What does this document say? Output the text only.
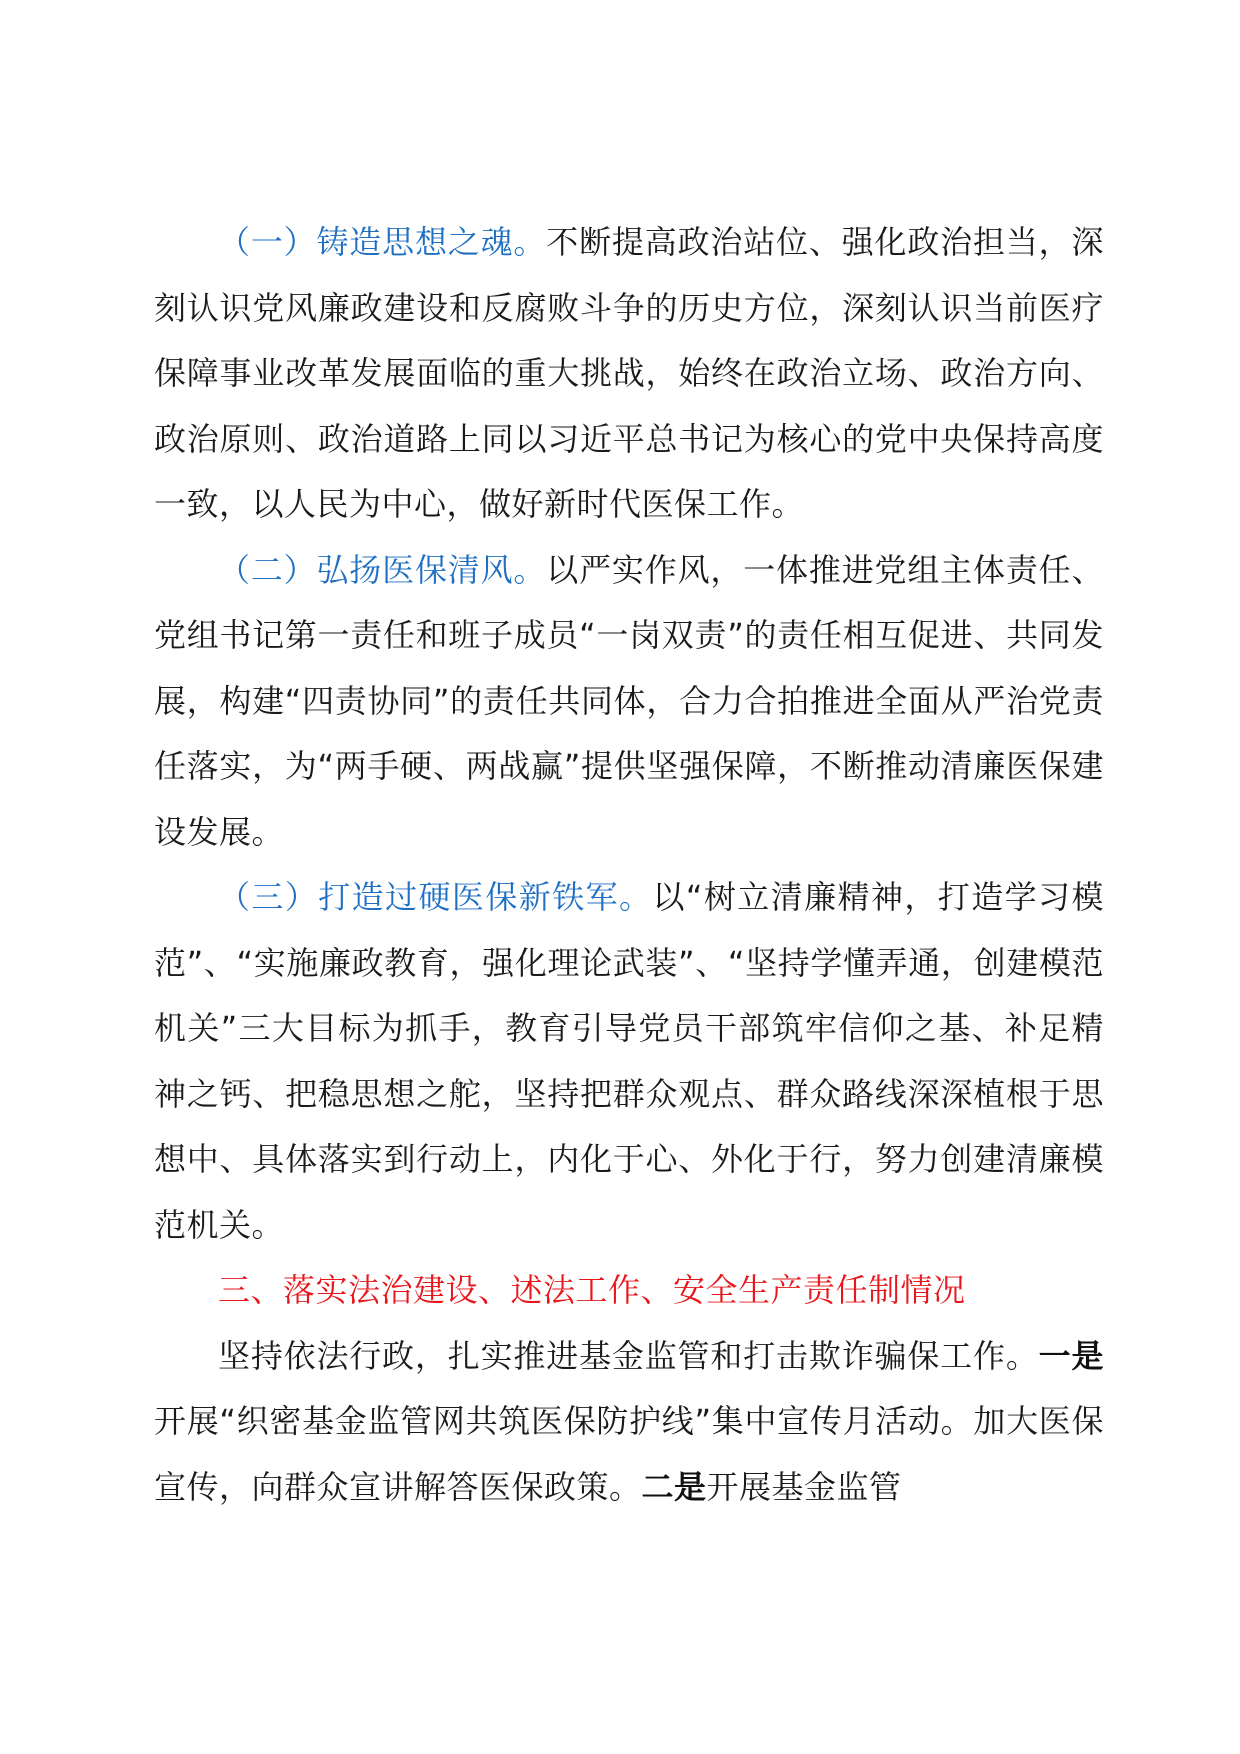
（一）铸造思想之魂。不断提高政治站位、强化政治担当，深刻认识党风廉政建设和反腐败斗争的历史方位，深刻认识当前医疗保障事业改革发展面临的重大挑战，始终在政治立场、政治方向、政治原则、政治道路上同以习近平总书记为核心的党中央保持高度一致，以人民为中心，做好新时代医保工作。

（二）弘扬医保清风。以严实作风，一体推进党组主体责任、党组书记第一责任和班子成员“一岗双责”的责任相互促进、共同发展，构建“四责协同”的责任共同体，合力合拍推进全面从严治党责任落实，为“两手硬、两战赢”提供坚强保障，不断推动清廉医保建设发展。

（三）打造过硬医保新铁军。以“树立清廉精神，打造学习模范”、“实施廉政教育，强化理论武装”、“坚持学懂弄通，创建模范机关”三大目标为抓手，教育引导党员干部筑牢信仰之基、补足精神之钙、把稳思想之舵，坚持把群众观点、群众路线深深植根于思想中、具体落实到行动上，内化于心、外化于行，努力创建清廉模范机关。

三、落实法治建设、述法工作、安全生产责任制情况

坚持依法行政，扎实推进基金监管和打击欺诈骗保工作。一是开展“织密基金监管网共筑医保防护线”集中宣传月活动。加大医保宣传，向群众宣讲解答医保政策。二是开展基金监管
